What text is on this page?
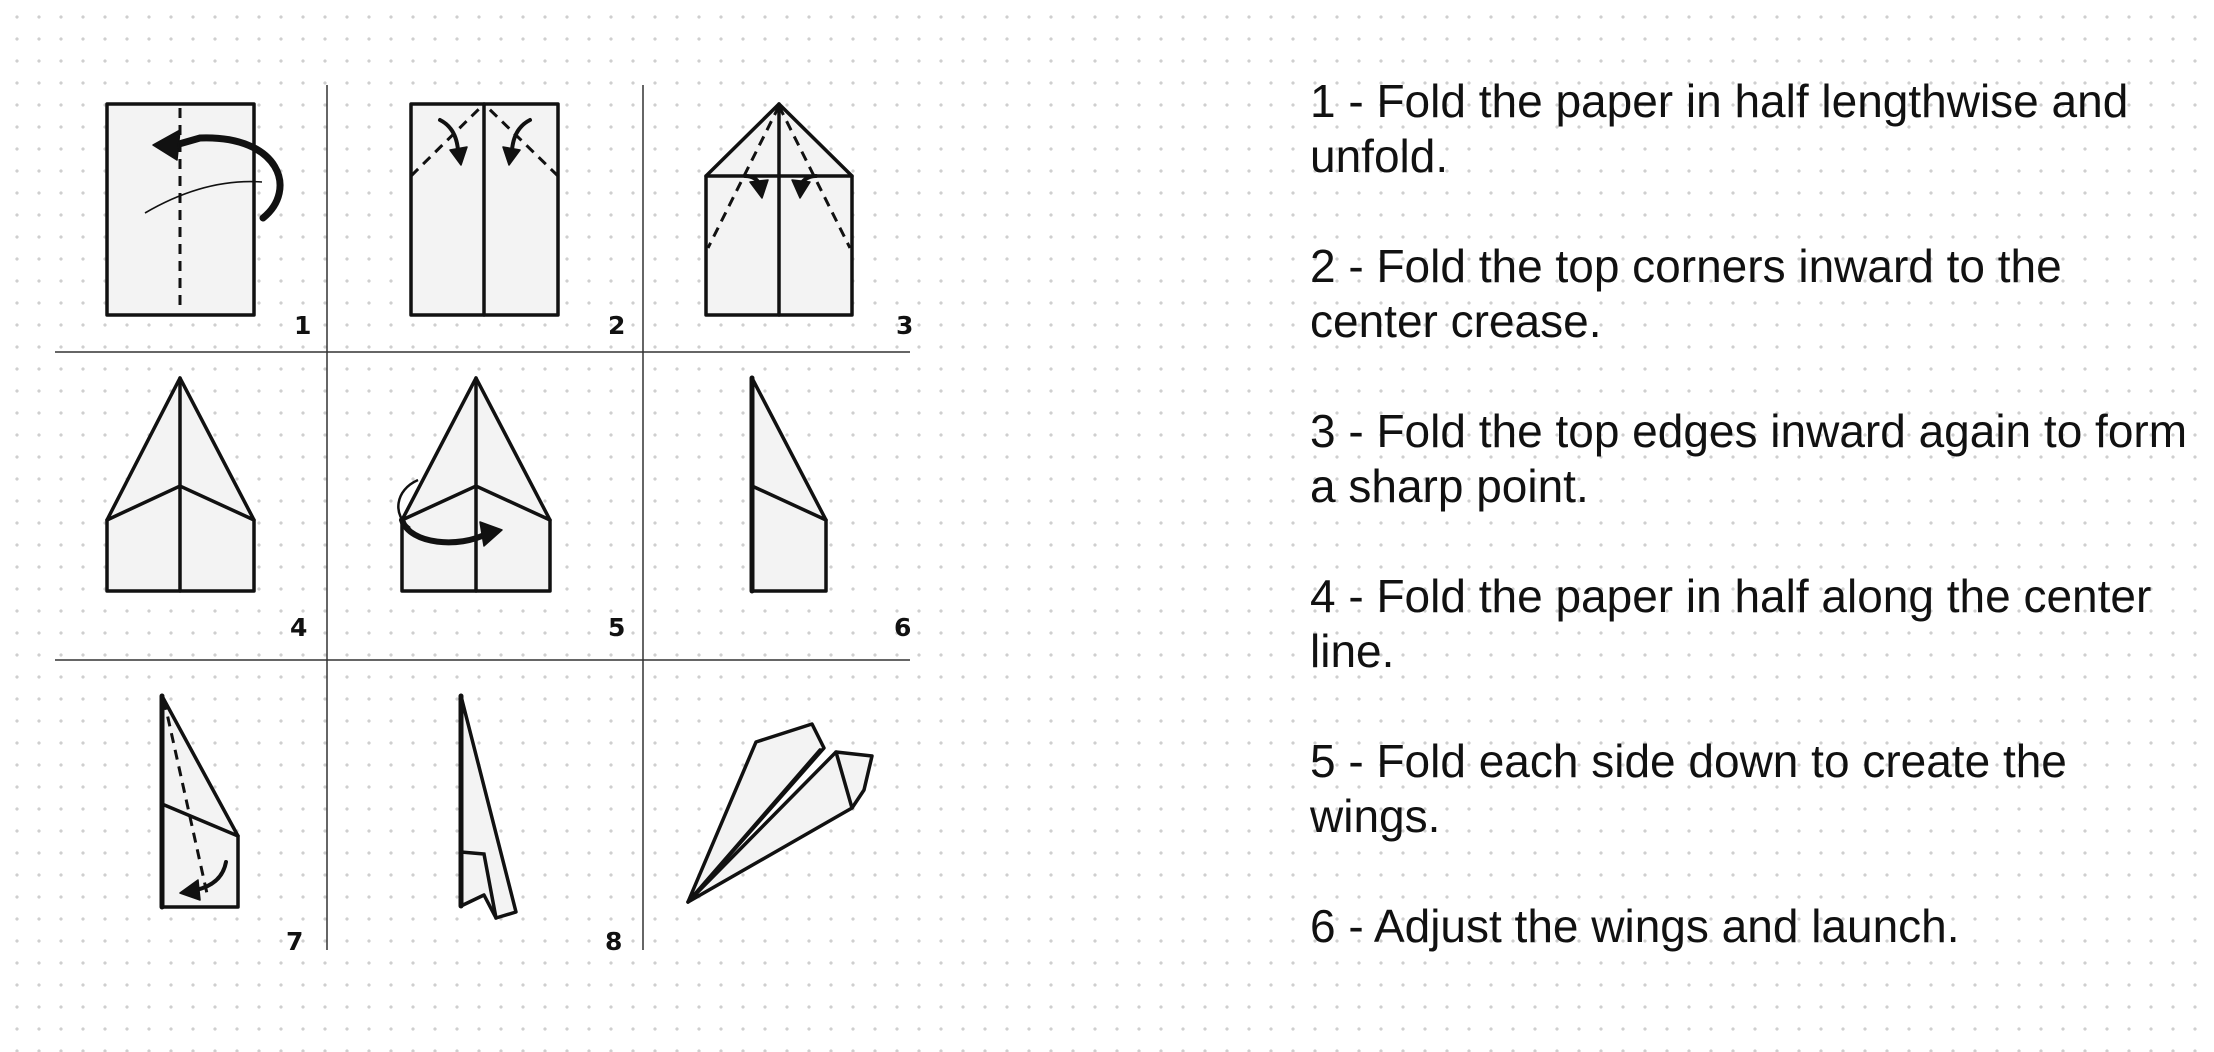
1	2	3
4	5	6
7	8
1 - Fold the paper in half lengthwise and unfold.
2 - Fold the top corners inward to the center crease.
3 - Fold the top edges inward again to form a sharp point.
4 - Fold the paper in half along the center line.
5 - Fold each side down to create the wings.
6 - Adjust the wings and launch.
